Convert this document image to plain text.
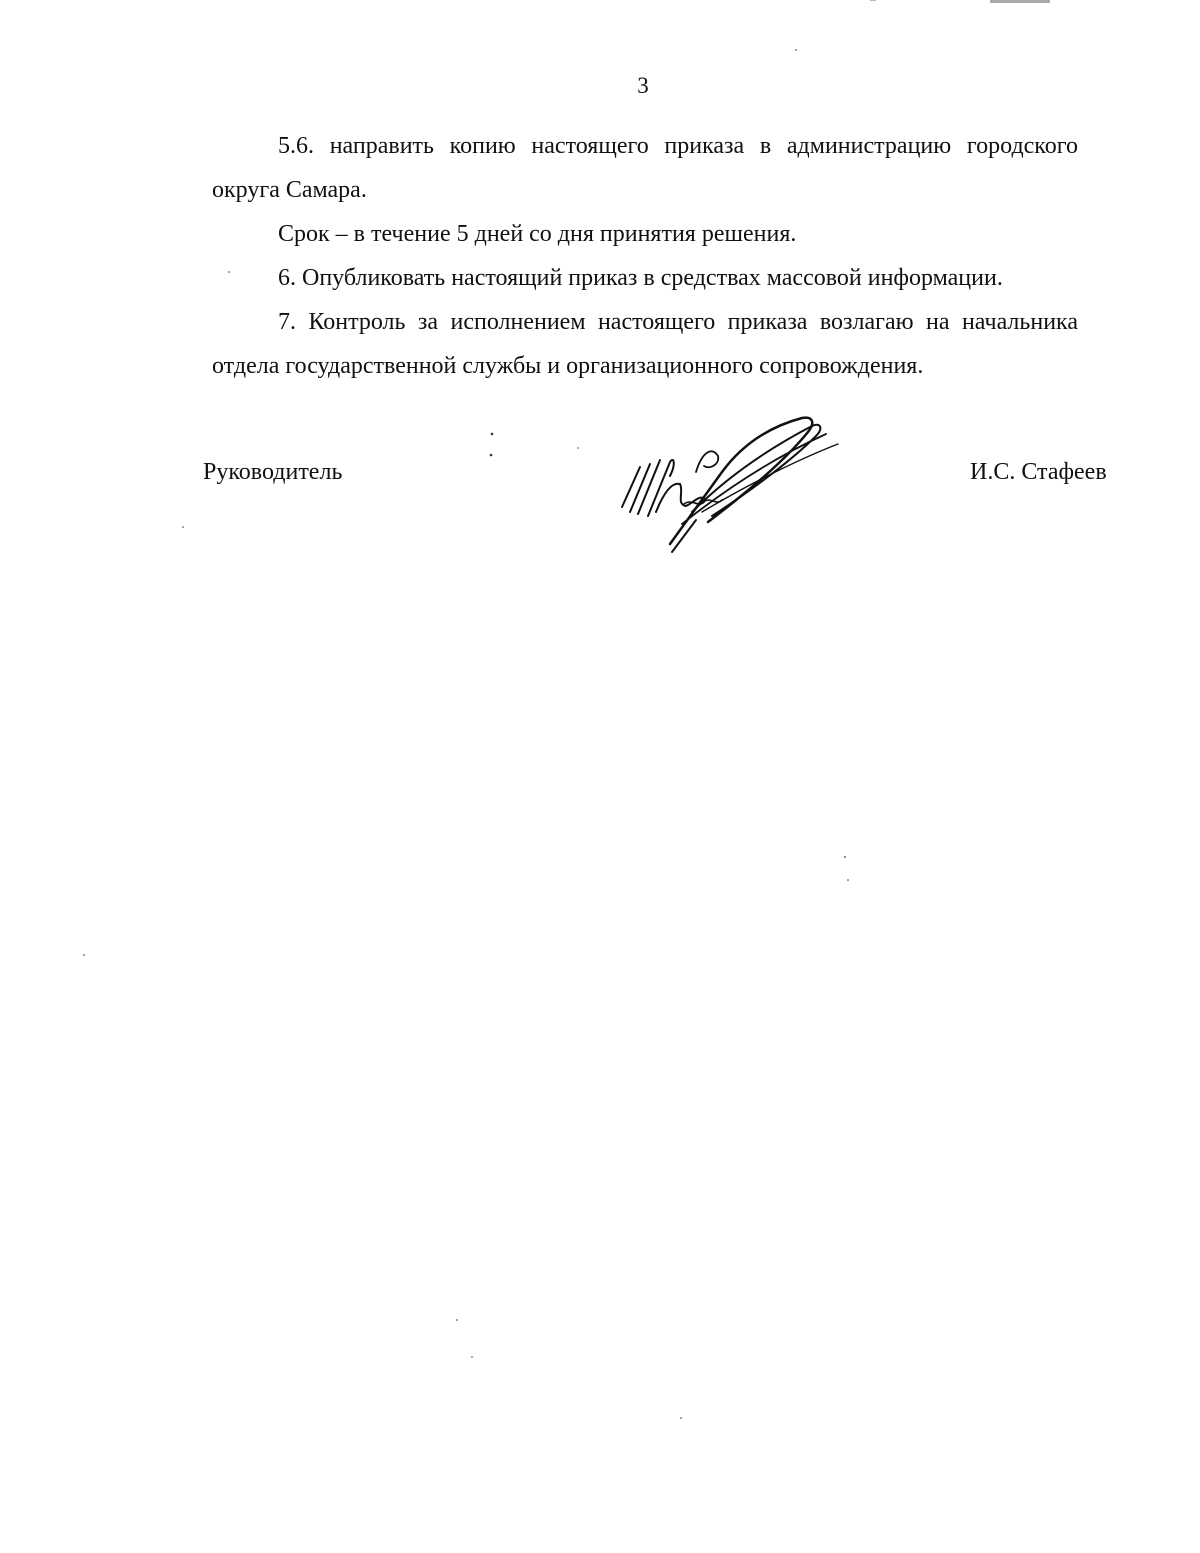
3

5.6. направить копию настоящего приказа в администрацию городского округа Самара.

Срок – в течение 5 дней со дня принятия решения.

6. Опубликовать настоящий приказ в средствах массовой информации.

7. Контроль за исполнением настоящего приказа возлагаю на начальника отдела государственной службы и организационного сопровождения.

Руководитель	И.С. Стафеев
